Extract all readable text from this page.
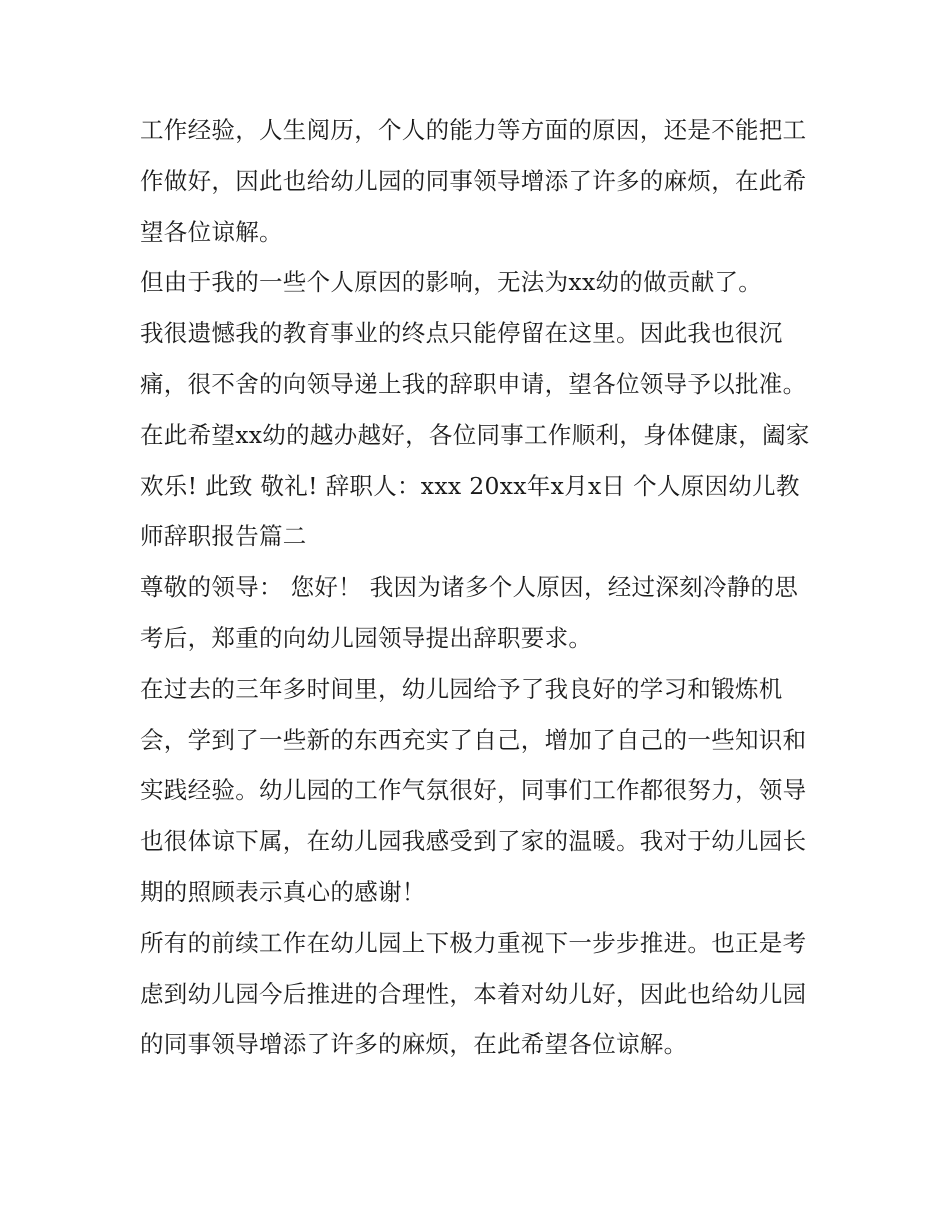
工作经验，人生阅历，个人的能力等方面的原因，还是不能把工作做好，因此也给幼儿园的同事领导增添了许多的麻烦，在此希望各位谅解。

但由于我的一些个人原因的影响，无法为xx幼的做贡献了。

我很遗憾我的教育事业的终点只能停留在这里。因此我也很沉痛，很不舍的向领导递上我的辞职申请，望各位领导予以批准。

在此希望xx幼的越办越好，各位同事工作顺利，身体健康，阖家欢乐! 此致 敬礼! 辞职人：xxx 20xx年x月x日 个人原因幼儿教师辞职报告篇二

尊敬的领导： 您好！ 我因为诸多个人原因，经过深刻冷静的思考后，郑重的向幼儿园领导提出辞职要求。

在过去的三年多时间里，幼儿园给予了我良好的学习和锻炼机会，学到了一些新的东西充实了自己，增加了自己的一些知识和实践经验。幼儿园的工作气氛很好，同事们工作都很努力，领导也很体谅下属，在幼儿园我感受到了家的温暖。我对于幼儿园长期的照顾表示真心的感谢！

所有的前续工作在幼儿园上下极力重视下一步步推进。也正是考虑到幼儿园今后推进的合理性，本着对幼儿好，因此也给幼儿园的同事领导增添了许多的麻烦，在此希望各位谅解。
